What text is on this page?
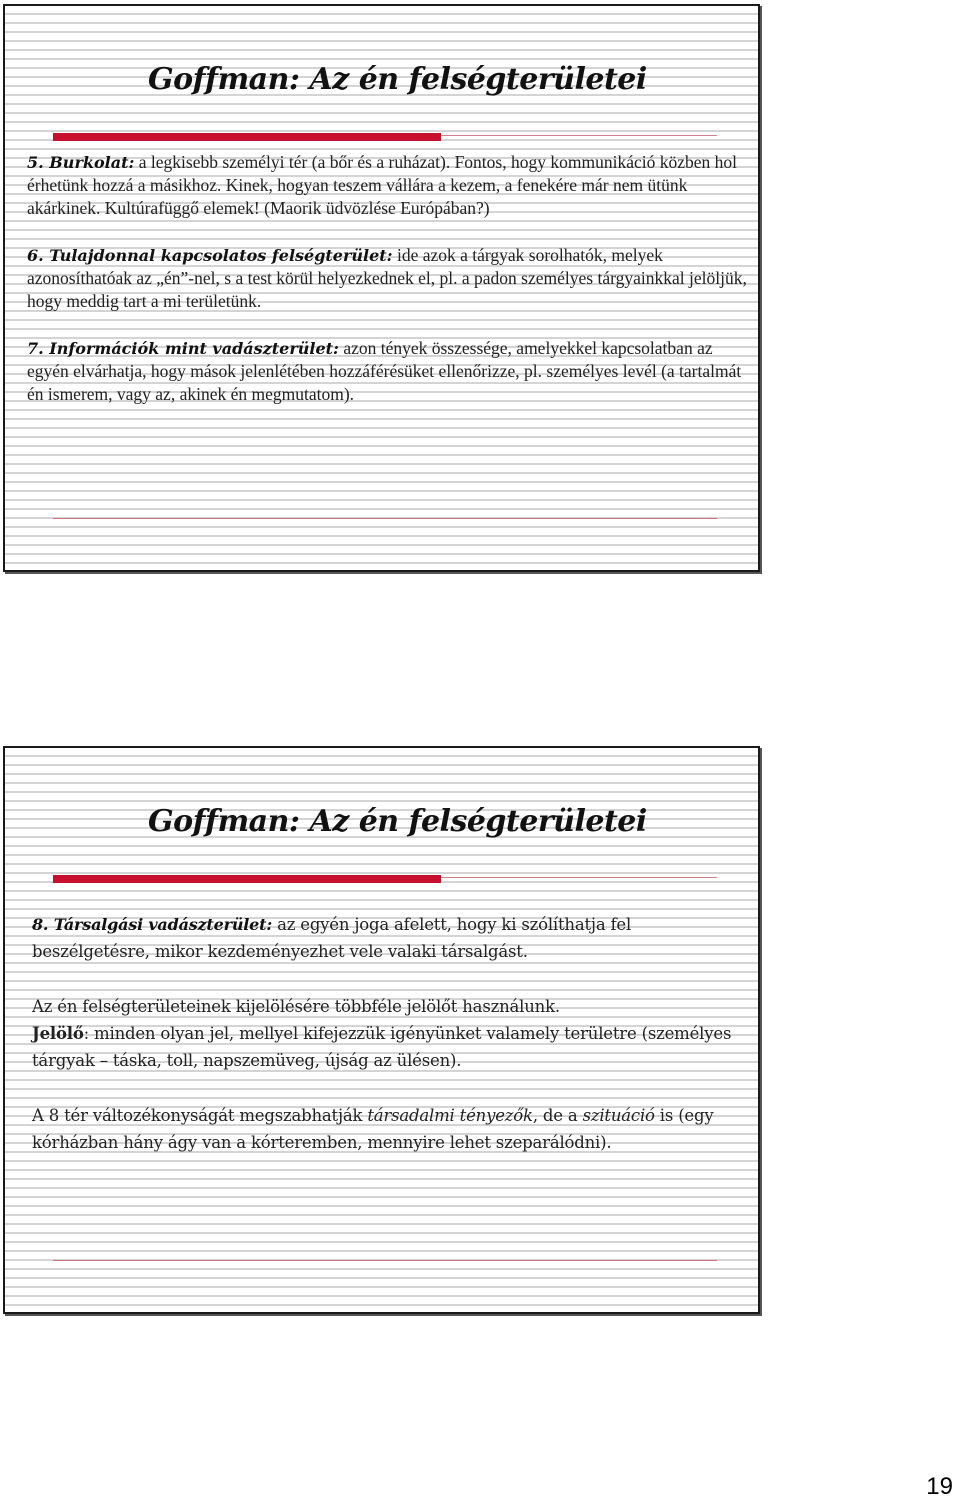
Goffman: Az én felségterületei

5. Burkolat: a legkisebb személyi tér (a bőr és a ruházat). Fontos, hogy kommunikáció közben hol érhetünk hozzá a másikhoz. Kinek, hogyan teszem vállára a kezem, a fenekére már nem ütünk akárkinek. Kultúrafüggő elemek! (Maorik üdvözlése Európában?)

6. Tulajdonnal kapcsolatos felségterület: ide azok a tárgyak sorolhatók, melyek azonosíthatóak az „én”-nel, s a test körül helyezkednek el, pl. a padon személyes tárgyainkkal jelöljük, hogy meddig tart a mi területünk.

7. Információk mint vadászterület: azon tények összessége, amelyekkel kapcsolatban az egyén elvárhatja, hogy mások jelenlétében hozzáférésüket ellenőrizze, pl. személyes levél (a tartalmát én ismerem, vagy az, akinek én megmutatom).

Goffman: Az én felségterületei

8. Társalgási vadászterület: az egyén joga afelett, hogy ki szólíthatja fel beszélgetésre, mikor kezdeményezhet vele valaki társalgást.

Az én felségterületeinek kijelölésére többféle jelölőt használunk.

Jelölő: minden olyan jel, mellyel kifejezzük igényünket valamely területre (személyes tárgyak – táska, toll, napszemüveg, újság az ülésen).

A 8 tér változékonyságát megszabhatják társadalmi tényezők, de a szituáció is (egy kórházban hány ágy van a kórteremben, mennyire lehet szeparálódni).

19
